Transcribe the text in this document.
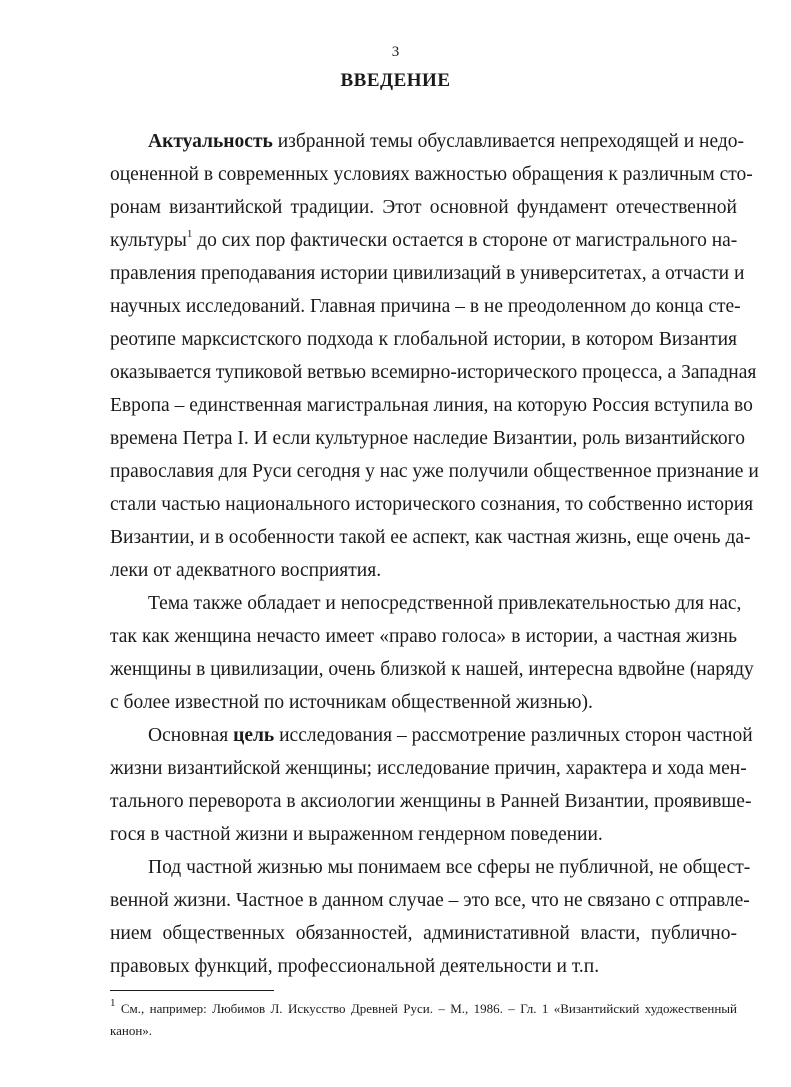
3
ВВЕДЕНИЕ
Актуальность избранной темы обуславливается непреходящей и недо-
оцененной в современных условиях важностью обращения к различным сто-
ронам византийской традиции. Этот основной фундамент отечественной
культуры$^1$ до сих пор фактически остается в стороне от магистрального на-
правления преподавания истории цивилизаций в университетах, а отчасти и
научных исследований. Главная причина – в не преодоленном до конца сте-
реотипе марксистского подхода к глобальной истории, в котором Византия
оказывается тупиковой ветвью всемирно-исторического процесса, а Западная
Европа – единственная магистральная линия, на которую Россия вступила во
времена Петра I. И если культурное наследие Византии, роль византийского
православия для Руси сегодня у нас уже получили общественное признание и
стали частью национального исторического сознания, то собственно история
Византии, и в особенности такой ее аспект, как частная жизнь, еще очень да-
леки от адекватного восприятия.
Тема также обладает и непосредственной привлекательностью для нас,
так как женщина нечасто имеет «право голоса» в истории, а частная жизнь
женщины в цивилизации, очень близкой к нашей, интересна вдвойне (наряду
с более известной по источникам общественной жизнью).
Основная цель исследования – рассмотрение различных сторон частной
жизни византийской женщины; исследование причин, характера и хода мен-
тального переворота в аксиологии женщины в Ранней Византии, проявивше-
гося в частной жизни и выраженном гендерном поведении.
Под частной жизнью мы понимаем все сферы не публичной, не общест-
венной жизни. Частное в данном случае – это все, что не связано с отправле-
нием общественных обязанностей, администативной власти, публично-
правовых функций, профессиональной деятельности и т.п.
$^1$ См., например: Любимов Л. Искусство Древней Руси. – М., 1986. – Гл. 1 «Византийский художественный
канон».
